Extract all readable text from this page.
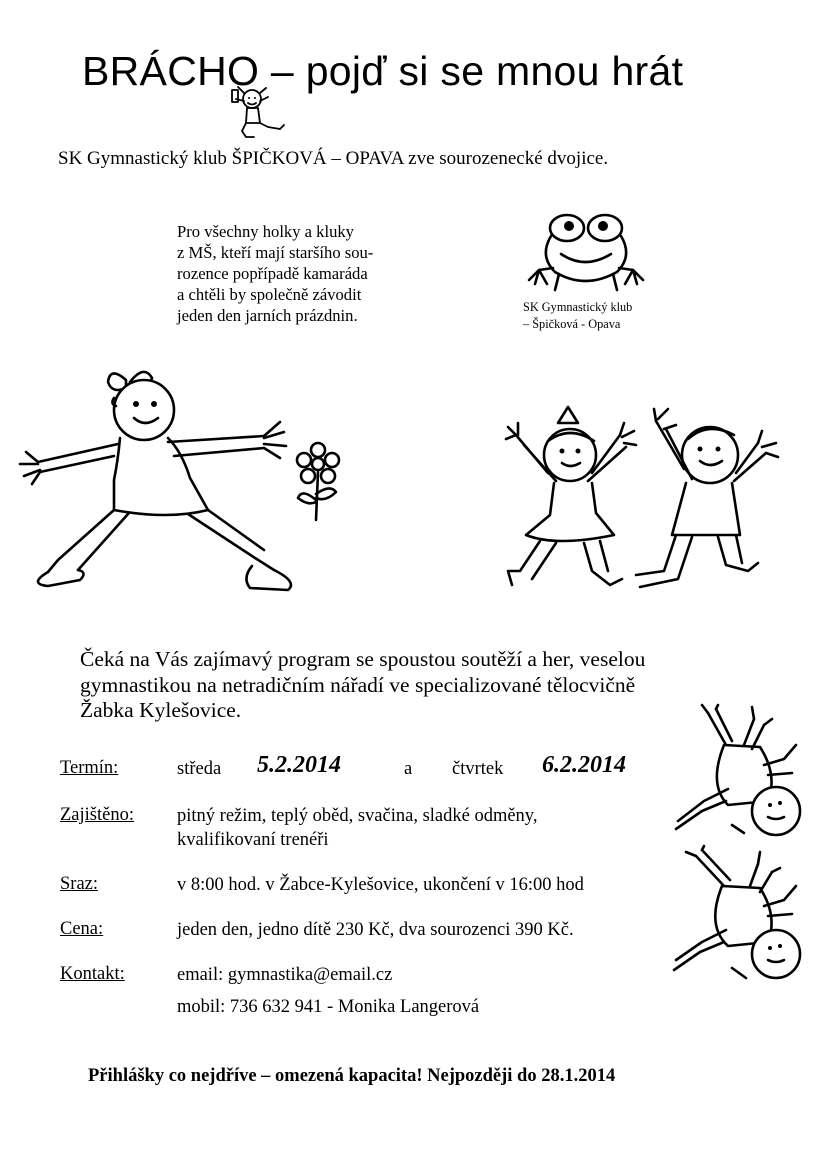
BRÁCHO – pojď si se mnou hrát
SK Gymnastický klub ŠPIČKOVÁ – OPAVA zve sourozenecké dvojice.
Pro všechny holky a kluky
z MŠ, kteří mají staršího sou-
rozence popřípadě kamaráda
a chtěli by společně závodit
jeden den jarních prázdnin.	SK Gymnastický klub
– Špičková - Opava
Čeká na Vás zajímavý program se spoustou soutěží a her, veselou
gymnastikou na netradičním nářadí ve specializované tělocvičně
Žabka Kylešovice.
Termín:	středa 5.2.2014	a čtvrtek 6.2.2014
Zajištěno: pitný režim, teplý oběd, svačina, sladké odměny,
kvalifikovaní trenéři
Sraz:	v 8:00 hod. v Žabce-Kylešovice, ukončení v 16:00 hod
Cena:	jeden den, jedno dítě 230 Kč, dva sourozenci 390 Kč.
Kontakt:	email: gymnastika@email.cz
mobil: 736 632 941 - Monika Langerová
Přihlášky co nejdříve – omezená kapacita! Nejpozději do 28.1.2014
